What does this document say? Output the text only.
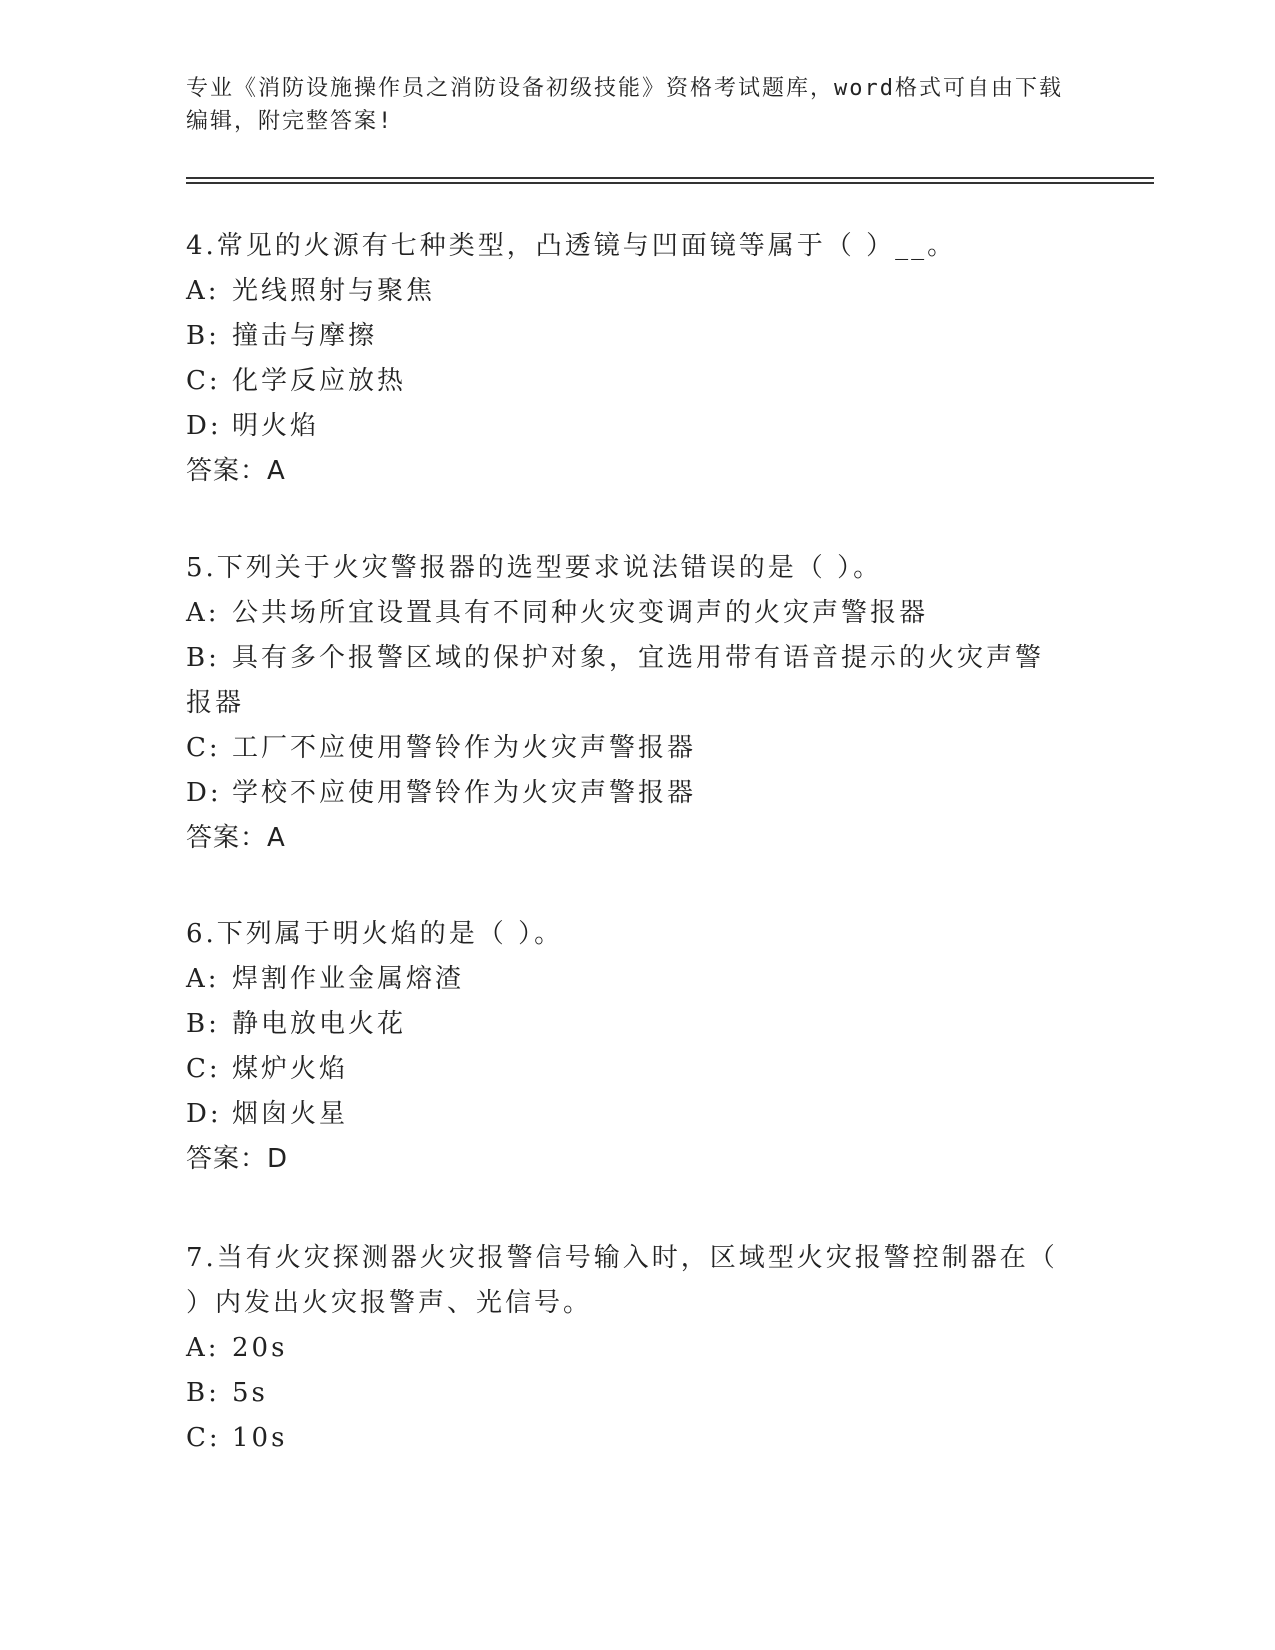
专业《消防设施操作员之消防设备初级技能》资格考试题库，word格式可自由下载编辑，附完整答案!
4.常见的火源有七种类型，凸透镜与凹面镜等属于（ ）__。
A: 光线照射与聚焦
B: 撞击与摩擦
C: 化学反应放热
D: 明火焰
答案：A
5.下列关于火灾警报器的选型要求说法错误的是（ ）。
A: 公共场所宜设置具有不同种火灾变调声的火灾声警报器
B: 具有多个报警区域的保护对象，宜选用带有语音提示的火灾声警报器
C: 工厂不应使用警铃作为火灾声警报器
D: 学校不应使用警铃作为火灾声警报器
答案：A
6.下列属于明火焰的是（ ）。
A: 焊割作业金属熔渣
B: 静电放电火花
C: 煤炉火焰
D: 烟囱火星
答案：D
7.当有火灾探测器火灾报警信号输入时，区域型火灾报警控制器在（ ）内发出火灾报警声、光信号。
A: 20s
B: 5s
C: 10s
